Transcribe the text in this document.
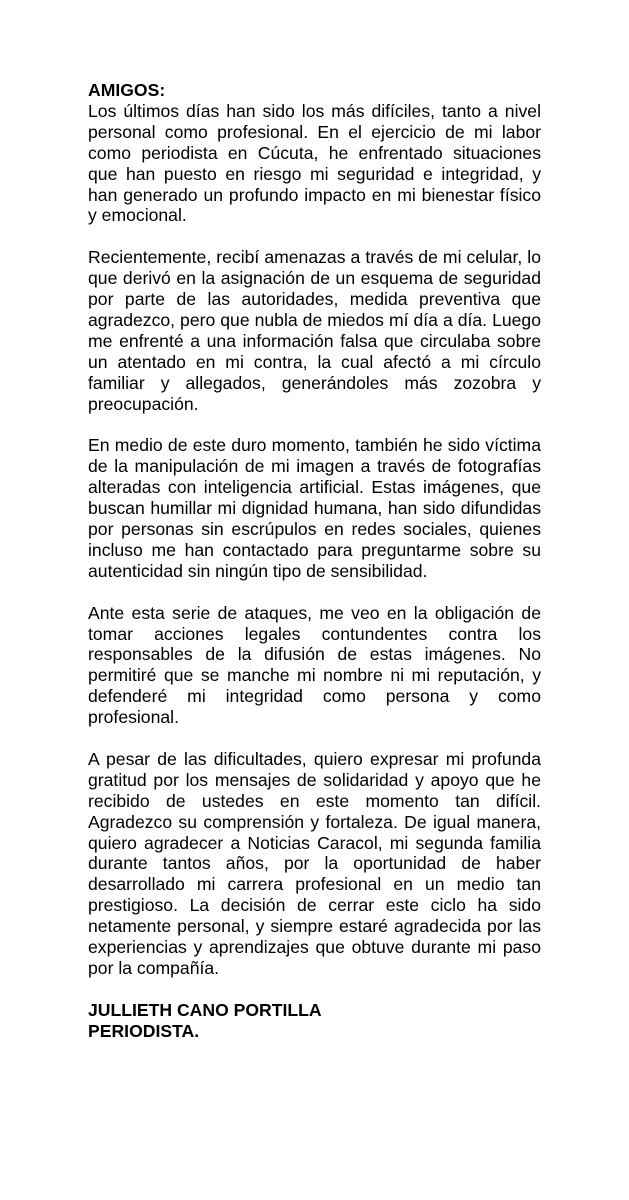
AMIGOS:

Los últimos días han sido los más difíciles, tanto a nivel personal como profesional. En el ejercicio de mi labor como periodista en Cúcuta, he enfrentado situaciones que han puesto en riesgo mi seguridad e integridad, y han generado un profundo impacto en mi bienestar físico y emocional.

Recientemente, recibí amenazas a través de mi celular, lo que derivó en la asignación de un esquema de seguridad por parte de las autoridades, medida preventiva que agradezco, pero que nubla de miedos mí día a día. Luego me enfrenté a una información falsa que circulaba sobre un atentado en mi contra, la cual afectó a mi círculo familiar y allegados, generándoles más zozobra y preocupación.

En medio de este duro momento, también he sido víctima de la manipulación de mi imagen a través de fotografías alteradas con inteligencia artificial. Estas imágenes, que buscan humillar mi dignidad humana, han sido difundidas por personas sin escrúpulos en redes sociales, quienes incluso me han contactado para preguntarme sobre su autenticidad sin ningún tipo de sensibilidad.

Ante esta serie de ataques, me veo en la obligación de tomar acciones legales contundentes contra los responsables de la difusión de estas imágenes. No permitiré que se manche mi nombre ni mi reputación, y defenderé mi integridad como persona y como profesional.

A pesar de las dificultades, quiero expresar mi profunda gratitud por los mensajes de solidaridad y apoyo que he recibido de ustedes en este momento tan difícil. Agradezco su comprensión y fortaleza. De igual manera, quiero agradecer a Noticias Caracol, mi segunda familia durante tantos años, por la oportunidad de haber desarrollado mi carrera profesional en un medio tan prestigioso. La decisión de cerrar este ciclo ha sido netamente personal, y siempre estaré agradecida por las experiencias y aprendizajes que obtuve durante mi paso por la compañía.

JULLIETH CANO PORTILLA
PERIODISTA.
